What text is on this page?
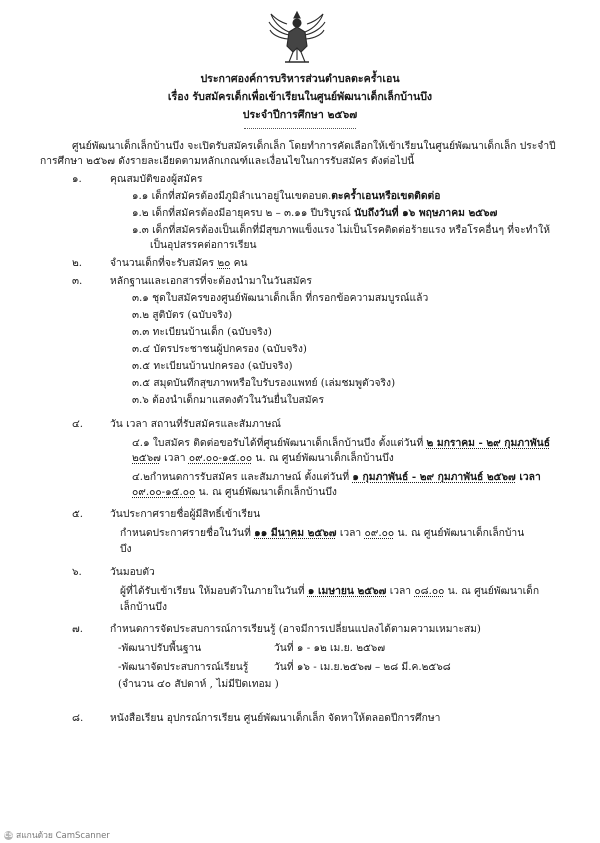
ประกาศองค์การบริหารส่วนตำบลตะครํ้าเอน
เรื่อง รับสมัครเด็กเพื่อเข้าเรียนในศูนย์พัฒนาเด็กเล็กบ้านบึง
ประจำปีการศึกษา ๒๕๖๗
ศูนย์พัฒนาเด็กเล็กบ้านบึง จะเปิดรับสมัครเด็กเล็ก โดยทำการคัดเลือกให้เข้าเรียนในศูนย์พัฒนาเด็กเล็ก ประจำปี
การศึกษา ๒๕๖๗ ดังรายละเอียดตามหลักเกณฑ์และเงื่อนไขในการรับสมัคร ดังต่อไปนี้
๑.	คุณสมบัติของผู้สมัคร
๑.๑ เด็กที่สมัครต้องมีภูมิลำเนาอยู่ในเขตอบต.ตะครํ้าเอนหรือเขตติดต่อ
๑.๒ เด็กที่สมัครต้องมีอายุครบ ๒ – ๓.๑๑ ปีบริบูรณ์ นับถึงวันที่ ๑๖ พฤษภาคม ๒๕๖๗
๑.๓ เด็กที่สมัครต้องเป็นเด็กที่มีสุขภาพแข็งแรง ไม่เป็นโรคติดต่อร้ายแรง หรือโรคอื่นๆ ที่จะทำให้
เป็นอุปสรรคต่อการเรียน
๒.	จำนวนเด็กที่จะรับสมัคร ๒๐ คน
๓.	หลักฐานและเอกสารที่จะต้องนำมาในวันสมัคร
๓.๑ ชุดใบสมัครของศูนย์พัฒนาเด็กเล็ก ที่กรอกข้อความสมบูรณ์แล้ว
๓.๒ สูติบัตร (ฉบับจริง)
๓.๓ ทะเบียนบ้านเด็ก (ฉบับจริง)
๓.๔ บัตรประชาชนผู้ปกครอง (ฉบับจริง)
๓.๕ ทะเบียนบ้านปกครอง (ฉบับจริง)
๓.๕ สมุดบันทึกสุขภาพหรือใบรับรองแพทย์ (เล่มชมพูตัวจริง)
๓.๖ ต้องนำเด็กมาแสดงตัวในวันยื่นใบสมัคร
๔.	วัน เวลา สถานที่รับสมัครและสัมภาษณ์
๔.๑ ใบสมัคร ติดต่อขอรับได้ที่ศูนย์พัฒนาเด็กเล็กบ้านบึง ตั้งแต่วันที่ ๒ มกราคม - ๒๙ กุมภาพันธ์
๒๕๖๗ เวลา ๐๙.๐๐-๑๕.๐๐ น. ณ ศูนย์พัฒนาเด็กเล็กบ้านบึง
๔.๒กำหนดการรับสมัคร และสัมภาษณ์ ตั้งแต่วันที่ ๑ กุมภาพันธ์ - ๒๙ กุมภาพันธ์ ๒๕๖๗ เวลา
๐๙.๐๐-๑๕.๐๐ น. ณ ศูนย์พัฒนาเด็กเล็กบ้านบึง
๕.	วันประกาศรายชื่อผู้มีสิทธิ์เข้าเรียน
กำหนดประกาศรายชื่อในวันที่ ๑๑ มีนาคม ๒๕๖๗ เวลา ๐๙.๐๐ น. ณ ศูนย์พัฒนาเด็กเล็กบ้าน
บึง
๖.	วันมอบตัว
ผู้ที่ได้รับเข้าเรียน ให้มอบตัวในภายในวันที่ ๑ เมษายน ๒๕๖๗ เวลา ๐๘.๐๐ น. ณ ศูนย์พัฒนาเด็ก
เล็กบ้านบึง
๗.	กำหนดการจัดประสบการณ์การเรียนรู้ (อาจมีการเปลี่ยนแปลงได้ตามความเหมาะสม)
-พัฒนาปรับพื้นฐาน	วันที่ ๑ - ๑๒ เม.ย. ๒๕๖๗
-พัฒนาจัดประสบการณ์เรียนรู้ วันที่ ๑๖ - เม.ย.๒๕๖๗ – ๒๘ มี.ค.๒๕๖๘
(จำนวน ๔๐ สัปดาห์ , ไม่มีปิดเทอม )
๘.	หนังสือเรียน อุปกรณ์การเรียน ศูนย์พัฒนาเด็กเล็ก จัดหาให้ตลอดปีการศึกษา
CS สแกนด้วย CamScanner
